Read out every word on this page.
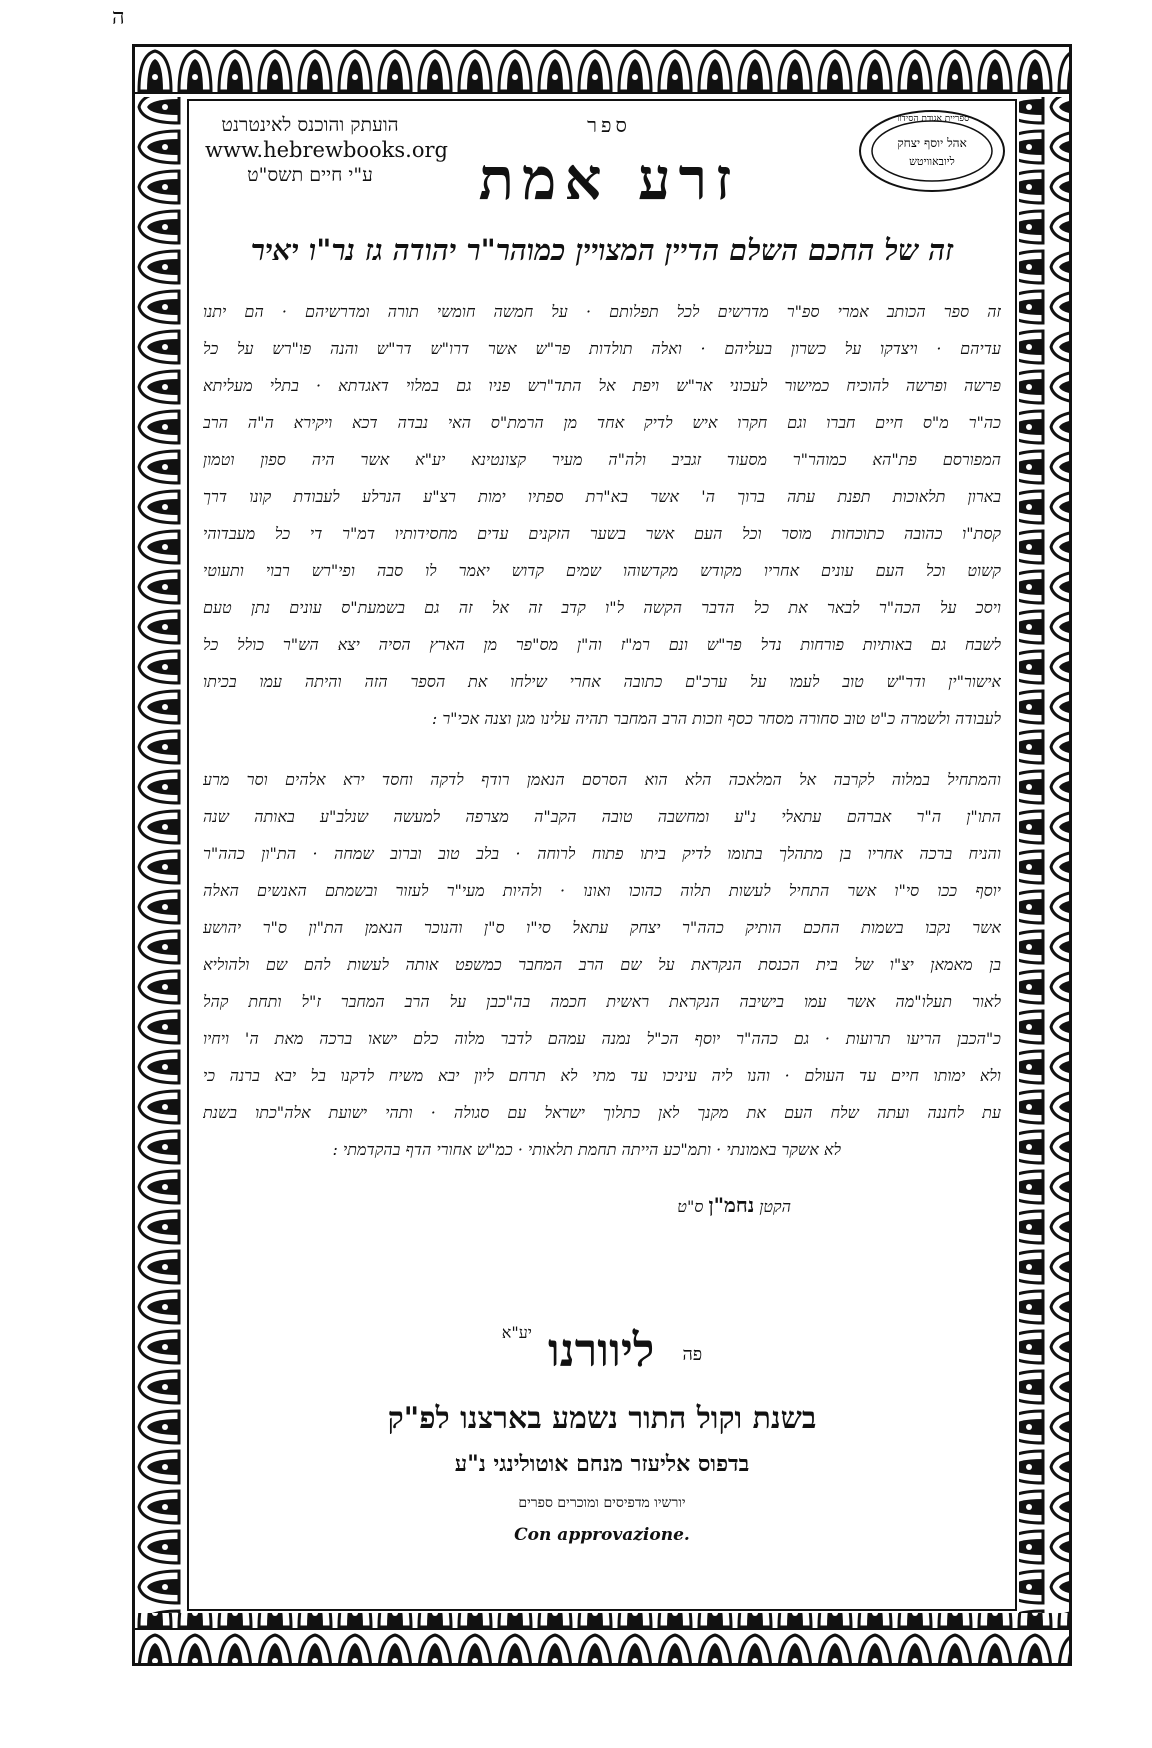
ה
הועתק והוכנס לאינטרנט
www.hebrewbooks.org
ע"י חיים תשס"ט
ספריית אגודת הסידור
אהל יוסף יצחק
ליובאוויטש
ספר
זרע אמת
זה של החכם השלם הדיין המצויין כמוהר"ר יהודה גז נר"ו יאיר
זה ספר הכותב אמרי ספ"ר מדרשים לכל תפלותם · על חמשה חומשי תורה ומדרשיהם · הם יתנו
עדיהם · ויצדקו על כשרון בעליהם · ואלה תולדות פר"ש אשר דרו"ש דר"ש והנה פו"רש על כל
פרשה ופרשה להוכיח כמישור לעכוני אר"ש ויפת אל התד"רש פניו גם במלוי דאגדתא · בתלי מעליתא
כה"ר מ"ס חיים חברו וגם חקרו איש לדיק אחד מן הרמת"ס האי נבדה דכא ויקירא ה"ה הרב
המפורסם פת"הא כמוהר"ר מסעוד זגביב ולה"ה מעיר קצונטינא יע"א אשר היה ספון וטמון
בארון תלאוכות תפנת עתה ברוך ה' אשר בא"רת ספתיו ימות רצ"ע הנרלע לעבודת קונו דרך
קסת"ו כהובה כתוכחות מוסר וכל העם אשר בשער הזקנים עדים מחסידותיו דמ"ר די כל מעבדוהי
קשוט וכל העם עונים אחריו מקודש מקדשוהו שמים קדוש יאמר לו סבה ופי"רש רבוי ותעוטי
ויסכ על הכה"ר לבאר את כל הדבר הקשה ל"ו קדב זה אל זה גם בשמעת"ס עונים נתן טעם
לשבח גם באותיות פורחות נדל פר"ש ונם רמ"ז וה"ן מס"פר מן הארץ הסיה יצא הש"ר כולל כל
אישור"ין ודר"ש טוב לעמו על ערכ"ם כתובה אחרי שילחו את הספר הזה והיתה עמו בכיתו
לעבודה ולשמרה כ"ט טוב סחורה מסחר כסף וזכות הרב המחבר תהיה עלינו מגן וצנה אכי"ר :
והמתחיל במלוה לקרבה אל המלאכה הלא הוא הסרסם הנאמן רודף לדקה וחסד ירא אלהים וסר מרע
התו"ן ה"ר אברהם עתאלי נ"ע ומחשבה טובה הקב"ה מצרפה למעשה שנלב"ע באותה שנה
והניח ברכה אחריו בן מתהלך בתומו לדיק ביתו פתוח לרוחה · בלב טוב וברוב שמחה · הת"ון כהה"ר
יוסף ככו סי"ו אשר התחיל לעשות תלוה כהוכו ואונו · ולהיות מעי"ר לעזור ובשמתם האנשים האלה
אשר נקבו בשמות החכם הותיק כהה"ר יצחק עתאל סי"ו ס"ן והנוכר הנאמן הת"ון ס"ר יהושע
בן מאמאן יצ"ו של בית הכנסת הנקראת על שם הרב המחבר כמשפט אותה לעשות להם שם ולהוליא
לאור תעלו"מה אשר עמו בישיבה הנקראת ראשית חכמה בה"כבן על הרב המחבר ז"ל ותחת קהל
כ"הכבן הריעו תרועות · גם כהה"ר יוסף הכ"ל נמנה עמהם לדבר מלוה כלם ישאו ברכה מאת ה' ויחיו
ולא ימותו חיים עד העולם · והנו ליה עיניכו עד מתי לא תרחם ליון יבא משיח לדקנו בל יבא ברנה כי
עת לחננה ועתה שלח העם את מקנך לאן כתלוך ישראל עם סגולה · ותהי ישועת אלה"כתו בשנת
לא אשקר באמונתי · ותמ"כע הייתה תחמת תלאותי · כמ"ש אחורי הדף בהקדמתי :
הקטן נחמ"ן ס"ט
פה ליוורנו $^{יע"א}$
בשנת וקול התור נשמע בארצנו לפ"ק
בדפוס אליעזר מנחם אוטולינגי נ"ע
יורשיו מדפיסים ומוכרים ספרים
Con approvazione.
